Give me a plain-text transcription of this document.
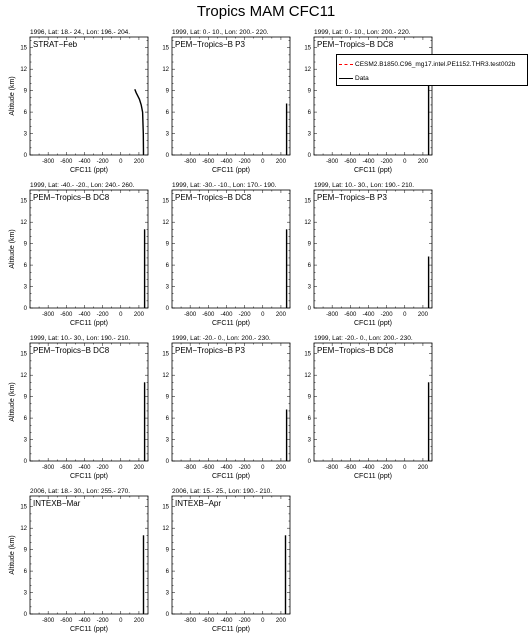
Tropics MAM CFC11
1996, Lat: 18.- 24., Lon: 196.- 204.
STRAT−Feb
-800 -600 -400 -200 0 200
0
3
6
9
12
15
CFC11 (ppt)
Altitude (km)
1999, Lat: 0.- 10., Lon: 200.- 220.
PEM−Tropics−B P3
-800 -600 -400 -200 0 200
0
3
6
9
12
15
CFC11 (ppt)
1999, Lat: 0.- 10., Lon: 200.- 220.
PEM−Tropics−B DC8
-800 -600 -400 -200 0 200
0
3
6
9
12
15
CFC11 (ppt)
1999, Lat: -40.- -20., Lon: 240.- 260.
PEM−Tropics−B DC8
-800 -600 -400 -200 0 200
0
3
6
9
12
15
CFC11 (ppt)
Altitude (km)
1999, Lat: -30.- -10., Lon: 170.- 190.
PEM−Tropics−B DC8
-800 -600 -400 -200 0 200
0
3
6
9
12
15
CFC11 (ppt)
1999, Lat: 10.- 30., Lon: 190.- 210.
PEM−Tropics−B P3
-800 -600 -400 -200 0 200
0
3
6
9
12
15
CFC11 (ppt)
1999, Lat: 10.- 30., Lon: 190.- 210.
PEM−Tropics−B DC8
-800 -600 -400 -200 0 200
0
3
6
9
12
15
CFC11 (ppt)
Altitude (km)
1999, Lat: -20.- 0., Lon: 200.- 230.
PEM−Tropics−B P3
-800 -600 -400 -200 0 200
0
3
6
9
12
15
CFC11 (ppt)
1999, Lat: -20.- 0., Lon: 200.- 230.
PEM−Tropics−B DC8
-800 -600 -400 -200 0 200
0
3
6
9
12
15
CFC11 (ppt)
2006, Lat: 18.- 30., Lon: 255.- 270.
INTEXB−Mar
-800 -600 -400 -200 0 200
0
3
6
9
12
15
CFC11 (ppt)
Altitude (km)
2006, Lat: 15.- 25., Lon: 190.- 210.
INTEXB−Apr
-800 -600 -400 -200 0 200
0
3
6
9
12
15
CFC11 (ppt)
CESM2.B1850.C96_mg17.intel.PE1152.THR3.test002b
Data
